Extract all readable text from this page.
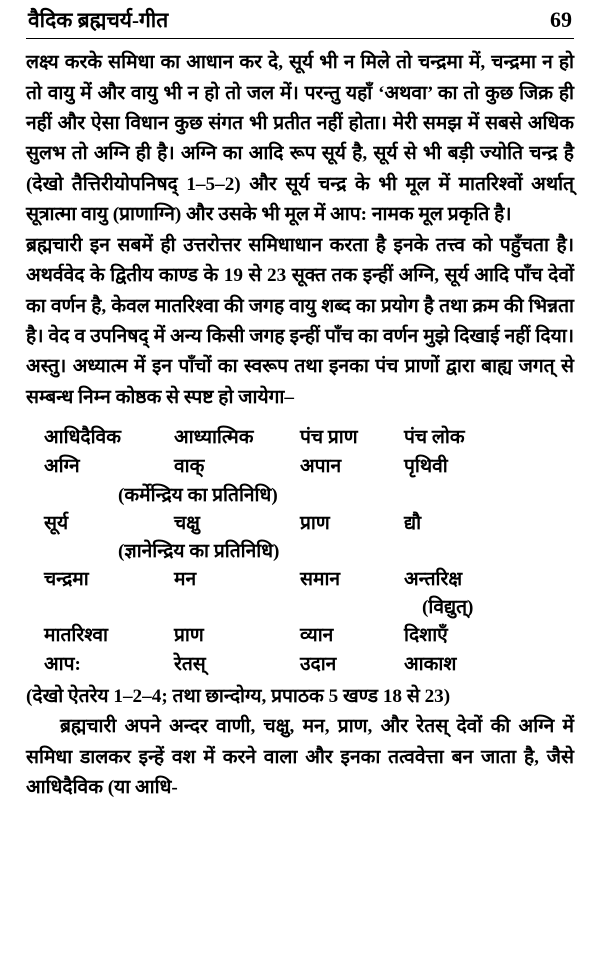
वैदिक ब्रह्मचर्य-गीत	69

लक्ष्य करके समिधा का आधान कर दे, सूर्य भी न मिले तो चन्द्रमा में, चन्द्रमा न हो तो वायु में और वायु भी न हो तो जल में। परन्तु यहाँ ‘अथवा’ का तो कुछ जिक्र ही नहीं और ऐसा विधान कुछ संगत भी प्रतीत नहीं होता। मेरी समझ में सबसे अधिक सुलभ तो अग्नि ही है। अग्नि का आदि रूप सूर्य है, सूर्य से भी बड़ी ज्योति चन्द्र है (देखो तैत्तिरीयोपनिषद् 1–5–2) और सूर्य चन्द्र के भी मूल में मातरिश्वों अर्थात् सूत्रात्मा वायु (प्राणाग्नि) और उसके भी मूल में आप: नामक मूल प्रकृति है।

ब्रह्मचारी इन सबमें ही उत्तरोत्तर समिधाधान करता है इनके तत्त्व को पहुँचता है। अथर्ववेद के द्वितीय काण्ड के 19 से 23 सूक्त तक इन्हीं अग्नि, सूर्य आदि पाँच देवों का वर्णन है, केवल मातरिश्वा की जगह वायु शब्द का प्रयोग है तथा क्रम की भिन्नता है। वेद व उपनिषद् में अन्य किसी जगह इन्हीं पाँच का वर्णन मुझे दिखाई नहीं दिया। अस्तु। अध्यात्म में इन पाँचों का स्वरूप तथा इनका पंच प्राणों द्वारा बाह्य जगत् से सम्बन्ध निम्न कोष्ठक से स्पष्ट हो जायेगा–

आधिदैविक	आध्यात्मिक	पंच प्राण	पंच लोक
अग्नि	वाक्	अपान	पृथिवी
(कर्मेन्द्रिय का प्रतिनिधि)
सूर्य	चक्षु	प्राण	द्यौ
(ज्ञानेन्द्रिय का प्रतिनिधि)
चन्द्रमा	मन	समान	अन्तरिक्ष
(विद्युत्)
मातरिश्वा	प्राण	व्यान	दिशाएँ
आप:	रेतस्	उदान	आकाश
(देखो ऐतरेय 1–2–4; तथा छान्दोग्य, प्रपाठक 5 खण्ड 18 से 23)
ब्रह्मचारी अपने अन्दर वाणी, चक्षु, मन, प्राण, और रेतस् देवों की अग्नि में समिधा डालकर इन्हें वश में करने वाला और इनका तत्ववेत्ता बन जाता है, जैसे आधिदैविक (या आधि-
